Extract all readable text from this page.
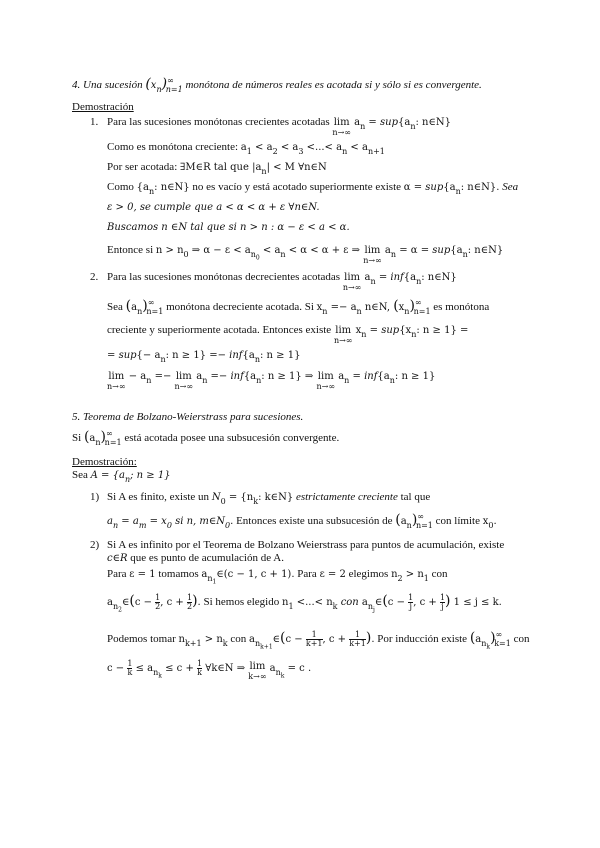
4. Una sucesión $(x_n)^\infty_{n=1}$ monótona de números reales es acotada si y sólo si es convergente.
Demostración
1. Para las sucesiones monótonas crecientes acotadas lim
n→∞
$a_n = sup\{a_n$: n∈N}
Como es monótona creciente: $a_1 < a_2 < a_3$ <...< $a_n < a_{n+1}$
Por ser acotada: ∃M∈R tal que $|a_n| < M$ ∀n∈N
Como {$a_n$: n∈N} no es vacío y está acotado superiormente existe $\alpha = sup\{a_n$: n∈N}. Sea
ε > 0, se cumple que a < α < α + ε ∀n∈N.
Buscamos n ∈N tal que si n > n : α − ε < a < α.
Entonce si $n > n_0$ ⇒ $\alpha - \varepsilon < a_{n_0} < a_n < \alpha < \alpha + \varepsilon$ ⇒ lim
n→∞
$a_n = \alpha = sup\{a_n$: n∈N}
2. Para las sucesiones monótonas decrecientes acotadas lim
n→∞
$a_n = inf\{a_n$: n∈N}
Sea $(a_n)^\infty_{n=1}$ monótona decreciente acotada. Si $x_n =- a_n$ n∈N, $(x_n)^\infty_{n=1}$ es monótona
creciente y superiormente acotada. Entonces existe lim
n→∞
$x_n = sup\{x_n$: n ≥ 1} =
= $sup\{- a_n$: $n \ge 1\} =- inf\{a_n$: n ≥ 1}
lim
n→∞
− $a_n =- \lim$
n→∞
$a_n =- inf\{a_n$: n ≥ 1} ⇒ lim
n→∞
$a_n = inf\{a_n$: n ≥ 1}
5. Teorema de Bolzano-Weierstrass para sucesiones.
Si $(a_n)^\infty_{n=1}$ está acotada posee una subsucesión convergente.
Demostración:
Sea $A = \{a_n$; n ≥ 1}
1) Si A es finito, existe un $N_0 = \{n_k$: k∈N} estrictamente creciente tal que
$a_n = a_m = x_0$ si n, $m\in N_0$. Entonces existe una subsucesión de $(a_n)^\infty_{n=1}$ con límite $x_0$.
2) Si A es infinito por el Teorema de Bolzano Weierstrass para puntos de acumulación, existe
c∈R que es punto de acumulación de A.
Para ε = 1 tomamos $a_{n_1}\in(c - 1$, c + 1). Para ε = 2 elegimos $n_2 > n_1$ con
$a_{n_2}\in(c - \frac{1}{2}$ , $c + \frac{1}{2}$ ). Si hemos elegido $n_1$ <...< $n_k$ con $a_{n_j}\in(c - \frac{1}{j}$ , $c + \frac{1}{j}$ ) 1 ≤ j ≤ k.
Podemos tomar $n_{k+1} > n_k$ con $a_{n_{k+1}}\in(c - \frac{1}{k+1}$ , $c + \frac{1}{k+1}$ ). Por inducción existe $(a_{n_k})^\infty_{k=1}$ con
$c - \frac{1}{k} \le a_{n_k} \le c + \frac{1}{k}$ ∀k∈N ⇒ lim
k→∞
$a_{n_k} = c$ .
